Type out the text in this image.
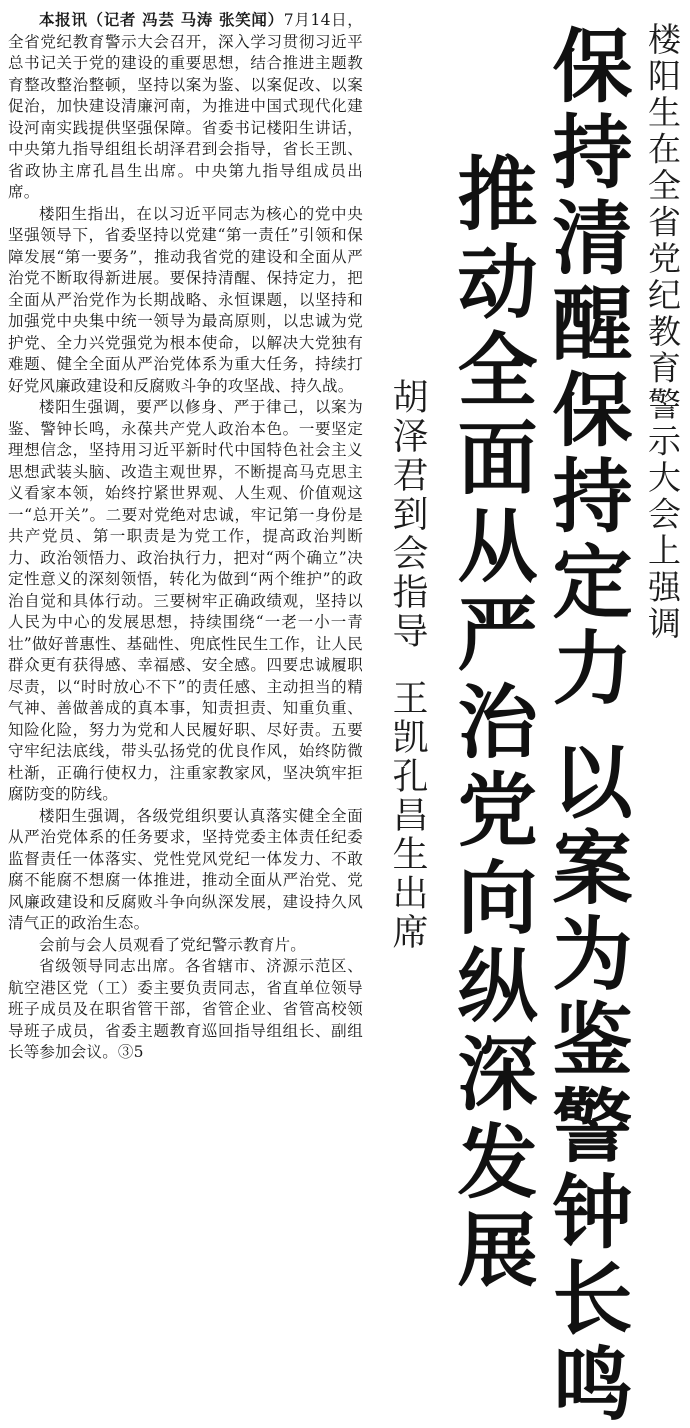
楼阳生在全省党纪教育警示大会上强调
保持清醒保持定力以案为鉴警钟长鸣
推动全面从严治党向纵深发展
胡泽君到会指导王凯孔昌生出席

本报讯（记者 冯芸 马涛 张笑闻）7月14日，全省党纪教育警示大会召开，深入学习贯彻习近平总书记关于党的建设的重要思想，结合推进主题教育整改整治整顿，坚持以案为鉴、以案促改、以案促治，加快建设清廉河南，为推进中国式现代化建设河南实践提供坚强保障。省委书记楼阳生讲话，中央第九指导组组长胡泽君到会指导，省长王凯、省政协主席孔昌生出席。中央第九指导组成员出席。

楼阳生指出，在以习近平同志为核心的党中央坚强领导下，省委坚持以党建“第一责任”引领和保障发展“第一要务”，推动我省党的建设和全面从严治党不断取得新进展。要保持清醒、保持定力，把全面从严治党作为长期战略、永恒课题，以坚持和加强党中央集中统一领导为最高原则，以忠诚为党护党、全力兴党强党为根本使命，以解决大党独有难题、健全全面从严治党体系为重大任务，持续打好党风廉政建设和反腐败斗争的攻坚战、持久战。

楼阳生强调，要严以修身、严于律己，以案为鉴、警钟长鸣，永葆共产党人政治本色。一要坚定理想信念，坚持用习近平新时代中国特色社会主义思想武装头脑、改造主观世界，不断提高马克思主义看家本领，始终拧紧世界观、人生观、价值观这一“总开关”。二要对党绝对忠诚，牢记第一身份是共产党员、第一职责是为党工作，提高政治判断力、政治领悟力、政治执行力，把对“两个确立”决定性意义的深刻领悟，转化为做到“两个维护”的政治自觉和具体行动。三要树牢正确政绩观，坚持以人民为中心的发展思想，持续围绕“一老一小一青壮”做好普惠性、基础性、兜底性民生工作，让人民群众更有获得感、幸福感、安全感。四要忠诚履职尽责，以“时时放心不下”的责任感、主动担当的精气神、善做善成的真本事，知责担责、知重负重、知险化险，努力为党和人民履好职、尽好责。五要守牢纪法底线，带头弘扬党的优良作风，始终防微杜渐，正确行使权力，注重家教家风，坚决筑牢拒腐防变的防线。

楼阳生强调，各级党组织要认真落实健全全面从严治党体系的任务要求，坚持党委主体责任纪委监督责任一体落实、党性党风党纪一体发力、不敢腐不能腐不想腐一体推进，推动全面从严治党、党风廉政建设和反腐败斗争向纵深发展，建设持久风清气正的政治生态。

会前与会人员观看了党纪警示教育片。

省级领导同志出席。各省辖市、济源示范区、航空港区党（工）委主要负责同志，省直单位领导班子成员及在职省管干部，省管企业、省管高校领导班子成员，省委主题教育巡回指导组组长、副组长等参加会议。③5
